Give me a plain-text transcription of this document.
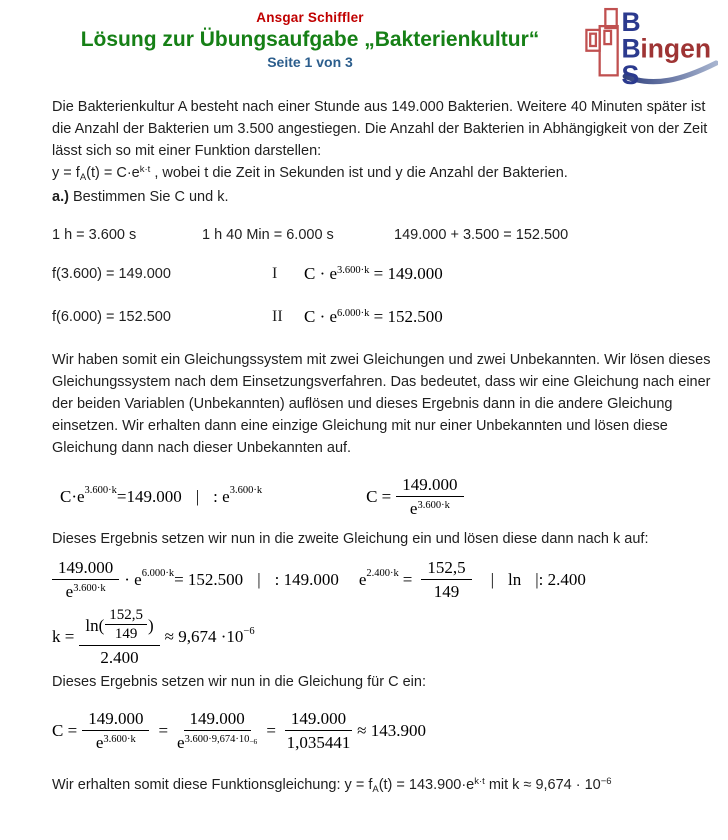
Ansgar Schiffler
Lösung zur Übungsaufgabe „Bakterienkultur“
Seite 1 von 3
B
B ingen
S

Die Bakterienkultur A besteht nach einer Stunde aus 149.000 Bakterien. Weitere 40 Minuten später ist die Anzahl der Bakterien um 3.500 angestiegen. Die Anzahl der Bakterien in Abhängigkeit von der Zeit lässt sich so mit einer Funktion darstellen:

$y = f_A(t) = C\cdot e^{k\cdot t}$ , wobei t die Zeit in Sekunden ist und y die Anzahl der Bakterien.
a.) Bestimmen Sie C und k.
1 h = 3.600 s	1 h 40 Min = 6.000 s	149.000 + 3.500 = 152.500
f(3.600) = 149.000	I	$C \cdot e^{3.600\cdot k} = 149.000$
f(6.000) = 152.500	II	$C \cdot e^{6.000\cdot k} = 152.500$

Wir haben somit ein Gleichungssystem mit zwei Gleichungen und zwei Unbekannten. Wir lösen dieses Gleichungssystem nach dem Einsetzungsverfahren. Das bedeutet, dass wir eine Gleichung nach einer der beiden Variablen (Unbekannten) auflösen und dieses Ergebnis dann in die andere Gleichung einsetzen. Wir erhalten dann eine einzige Gleichung mit nur einer Unbekannten und lösen diese Gleichung dann nach dieser Unbekannten auf.

C·e 3.600·k =149.000 | : e 3.600·k	$C = \frac{149.000}{e^{3.600\cdot k}}$

Dieses Ergebnis setzen wir nun in die zweite Gleichung ein und lösen diese dann nach k auf:

$\frac{149.000}{e^{3.600\cdot k}} \cdot e$ 6.000·k = 152.500 | : 149.000 e $2.400\cdot k = \frac{152,5}{149}$ | ln |: 2.400
k =
$\ln( \frac{152,5}{149}$ )
2.400
≈ 9,674 ·10 −6

Dieses Ergebnis setzen wir nun in die Gleichung für C ein:

$C = \frac{149.000}{e^{3.600\cdot k}} = \frac{149.000}{e^{3.600\cdot 9,674\cdot 10-6}} = \frac{149.000}{1,035441} \approx 143.900$
Wir erhalten somit diese Funktionsgleichung: $y = f_A(t) = 143.900\cdot e^{k\cdot t}$ mit $k \approx 9,674 \cdot 10^{-6}$
